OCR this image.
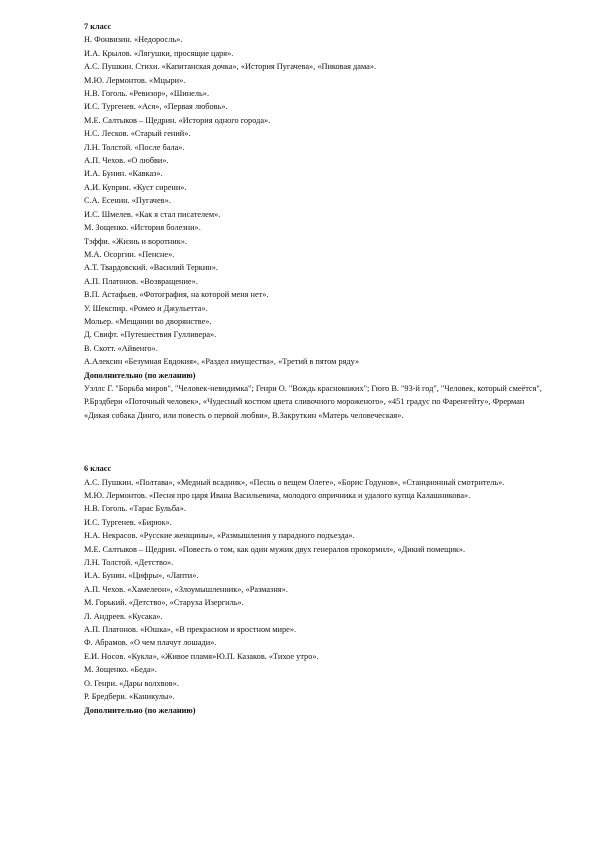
7 класс
Н. Фонвизин. «Недоросль».
И.А. Крылов. «Лягушки, просящие царя».
А.С. Пушкин. Стихи. «Капитанская дочка», «История Пугачева», «Пиковая дама».
М.Ю. Лермонтов. «Мцыри».
Н.В. Гоголь. «Ревизор», «Шинель».
И.С. Тургенев. «Ася», «Первая любовь».
М.Е. Салтыков – Щедрин. «История одного города».
Н.С. Лесков. «Старый гений».
Л.Н. Толстой. «После бала».
А.П. Чехов. «О любви».
И.А. Бунин. «Кавказ».
А.И. Куприн. «Куст сирени».
С.А. Есенин. «Пугачев».
И.С. Шмелев. «Как я стал писателем».
М. Зощенко. «История болезни».
Тэффи. «Жизнь и воротник».
М.А. Осоргин. «Пенсне».
А.Т. Твардовский. «Василий Теркин».
А.П. Платонов. «Возвращение».
В.П. Астафьев. «Фотография, на которой меня нет».
У. Шекспир. «Ромео и Джульетта».
Мольер. «Мещанин во дворянстве».
Д. Свифт. «Путешествия Гулливера».
В. Скотт. «Айвенго».
А.Алексин «Безумная Евдокия», «Раздел имущества», «Третий в пятом ряду»
Дополнительно (по желанию)
Уэллс Г. "Борьба миров", "Человек-невидимка"; Генри О. "Вождь краснокожих"; Гюго В. "93-й год", "Человек, который смеётся", Р.Брэдбери «Поточный человек», «Чудесный костюм цвета сливочного мороженого», «451 градус по Фаренгейту», Фрерман «Дикая собака Динго, или повесть о первой любви», В.Закруткин «Матерь человеческая».
6 класс
А.С. Пушкин. «Полтава», «Медный всадник», «Песнь о вещем Олеге», «Борис Годунов», «Станционный смотритель».
М.Ю. Лермонтов. «Песня про царя Ивана Васильевича, молодого опричника и удалого купца Калашникова».
Н.В. Гоголь. «Тарас Бульба».
И.С. Тургенев. «Бирюк».
Н.А. Некрасов. «Русские женщины», «Размышления у парадного подъезда».
М.Е. Салтыков – Щедрин. «Повесть о том, как один мужик двух генералов прокормил», «Дикий помещик».
Л.Н. Толстой. «Детство».
И.А. Бунин. «Цифры», «Лапти».
А.П. Чехов. «Хамелеон», «Злоумышленник», «Размазня».
М. Горький. «Детство», «Старуха Изергиль».
Л. Андреев. «Кусака».
А.П. Платонов. «Юшка», «В прекрасном и яростном мире».
Ф. Абрамов. «О чем плачут лошади».
Е.И. Носов. «Кукла», «Живое пламя»Ю.П. Казаков. «Тихое утро».
М. Зощенко. «Беда».
О. Генри. «Дары волхвов».
Р. Бредбери. «Каникулы».
Дополнительно (по желанию)
